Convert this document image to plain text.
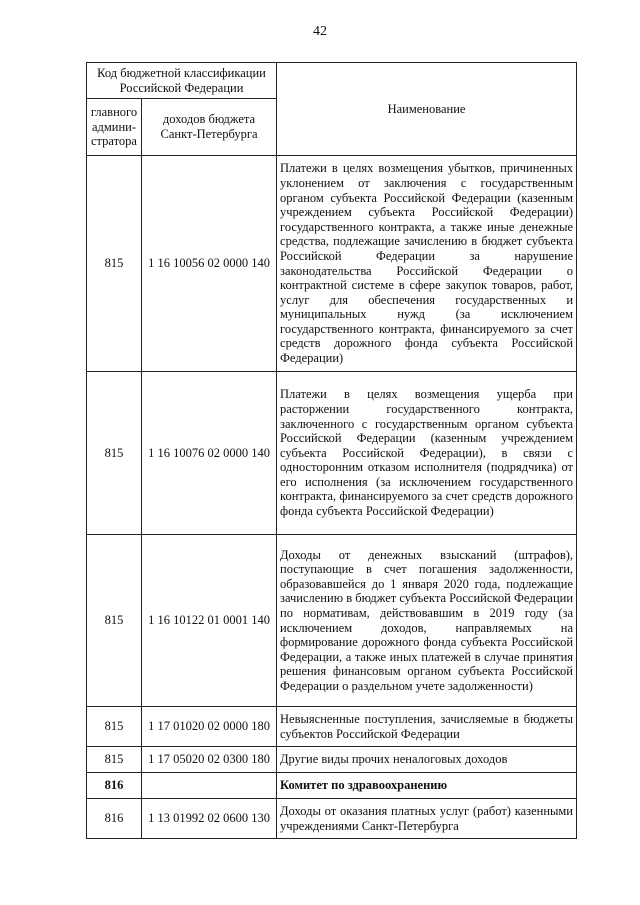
42
Код бюджетной классификации Российской Федерации		Наименование
главного админи-стратора	доходов бюджета Санкт-Петербурга	
815	1 16 10056 02 0000 140	Платежи в целях возмещения убытков, причиненных уклонением от заключения с государственным органом субъекта Российской Федерации (казенным учреждением субъекта Российской Федерации) государственного контракта, а также иные денежные средства, подлежащие зачислению в бюджет субъекта Российской Федерации за нарушение законодательства Российской Федерации о контрактной системе в сфере закупок товаров, работ, услуг для обеспечения государственных и муниципальных нужд (за исключением государственного контракта, финансируемого за счет средств дорожного фонда субъекта Российской Федерации)
815	1 16 10076 02 0000 140	Платежи в целях возмещения ущерба при расторжении государственного контракта, заключенного с государственным органом субъекта Российской Федерации (казенным учреждением субъекта Российской Федерации), в связи с односторонним отказом исполнителя (подрядчика) от его исполнения (за исключением государственного контракта, финансируемого за счет средств дорожного фонда субъекта Российской Федерации)
815	1 16 10122 01 0001 140	Доходы от денежных взысканий (штрафов), поступающие в счет погашения задолженности, образовавшейся до 1 января 2020 года, подлежащие зачислению в бюджет субъекта Российской Федерации по нормативам, действовавшим в 2019 году (за исключением доходов, направляемых на формирование дорожного фонда субъекта Российской Федерации, а также иных платежей в случае принятия решения финансовым органом субъекта Российской Федерации о раздельном учете задолженности)
815	1 17 01020 02 0000 180	Невыясненные поступления, зачисляемые в бюджеты субъектов Российской Федерации
815	1 17 05020 02 0300 180	Другие виды прочих неналоговых доходов
816		Комитет по здравоохранению
816	1 13 01992 02 0600 130	Доходы от оказания платных услуг (работ) казенными учреждениями Санкт-Петербурга
